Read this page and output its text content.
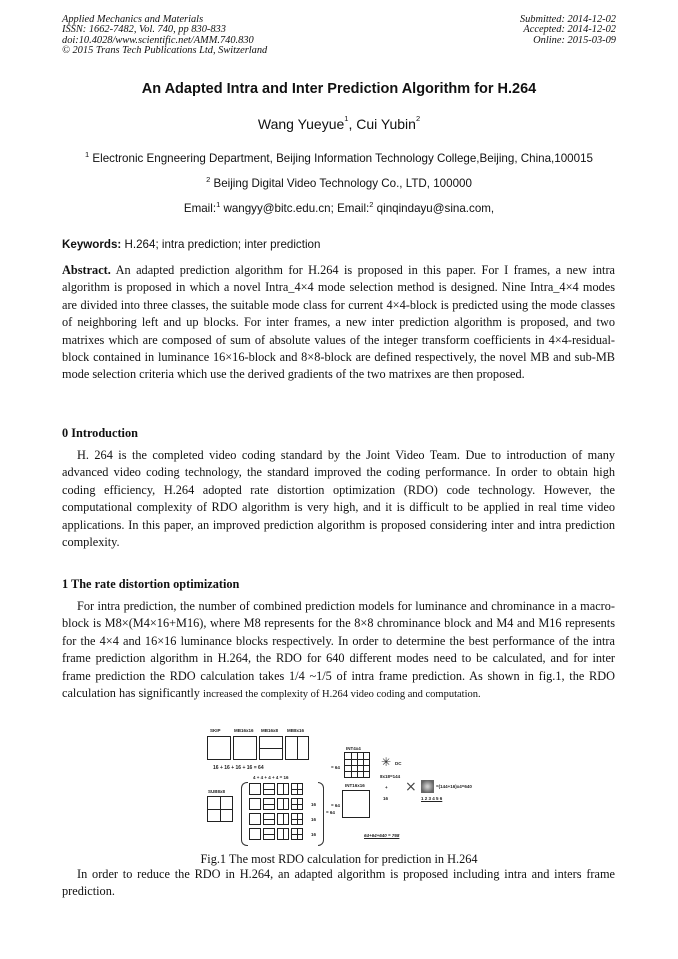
Applied Mechanics and Materials
ISSN: 1662-7482, Vol. 740, pp 830-833
doi:10.4028/www.scientific.net/AMM.740.830
© 2015 Trans Tech Publications Ltd, Switzerland
Submitted: 2014-12-02
Accepted: 2014-12-02
Online: 2015-03-09
An Adapted Intra and Inter Prediction Algorithm for H.264
Wang Yueyue$^1$, Cui Yubin$^2$
$^1$ Electronic Engneering Department, Beijing Information Technology College,Beijing, China,100015
$^2$ Beijing Digital Video Technology Co., LTD, 100000
Email:$^1$ wangyy@bitc.edu.cn; Email:$^2$ qinqindayu@sina.com,
Keywords: H.264; intra prediction; inter prediction
Abstract. An adapted prediction algorithm for H.264 is proposed in this paper. For I frames, a new intra algorithm is proposed in which a novel Intra_4×4 mode selection method is designed. Nine Intra_4×4 modes are divided into three classes, the suitable mode class for current 4×4-block is predicted using the mode classes of neighboring left and up blocks. For inter frames, a new inter prediction algorithm is proposed, and two matrixes which are composed of sum of absolute values of the integer transform coefficients in 4×4-residual-block contained in luminance 16×16-block and 8×8-block are defined respectively, the novel MB and sub-MB mode selection criteria which use the derived gradients of the two matrixes are then proposed.
0 Introduction
H. 264 is the completed video coding standard by the Joint Video Team. Due to introduction of many advanced video coding technology, the standard improved the coding performance. In order to obtain high coding efficiency, H.264 adopted rate distortion optimization (RDO) code technology. However, the computational complexity of RDO algorithm is very high, and it is difficult to be applied in real time video applications. In this paper, an improved prediction algorithm is proposed considering inter and intra prediction complexity.
1 The rate distortion optimization
For intra prediction, the number of combined prediction models for luminance and chrominance in a macro-block is M8×(M4×16+M16), where M8 represents for the 8×8 chrominance block and M4 and M16 represents for the 4×4 and 16×16 luminance blocks respectively. In order to determine the best performance of the intra frame prediction algorithm in H.264, the RDO for 640 different modes need to be calculated, and for inter frame prediction the RDO calculation takes 1/4 ~1/5 of intra frame prediction. As shown in fig.1, the RDO calculation has significantly increased the complexity of H.264 video coding and computation.
SKIP	MB16x16 MB16x8 MB8x16
16 + 16 + 16 + 16 = 64
4 + 4 + 4 + 4 = 16
SUB8x8
16
16
16
= 64
= 64
INT4x4
INT16x16
= 64
✳ DC
8x18=144
+
16
×	=(144+16)x4=640
1 2 3 4 5 6
64+64+640 = 768
Fig.1 The most RDO calculation for prediction in H.264
In order to reduce the RDO in H.264, an adapted algorithm is proposed including intra and inters frame prediction.
